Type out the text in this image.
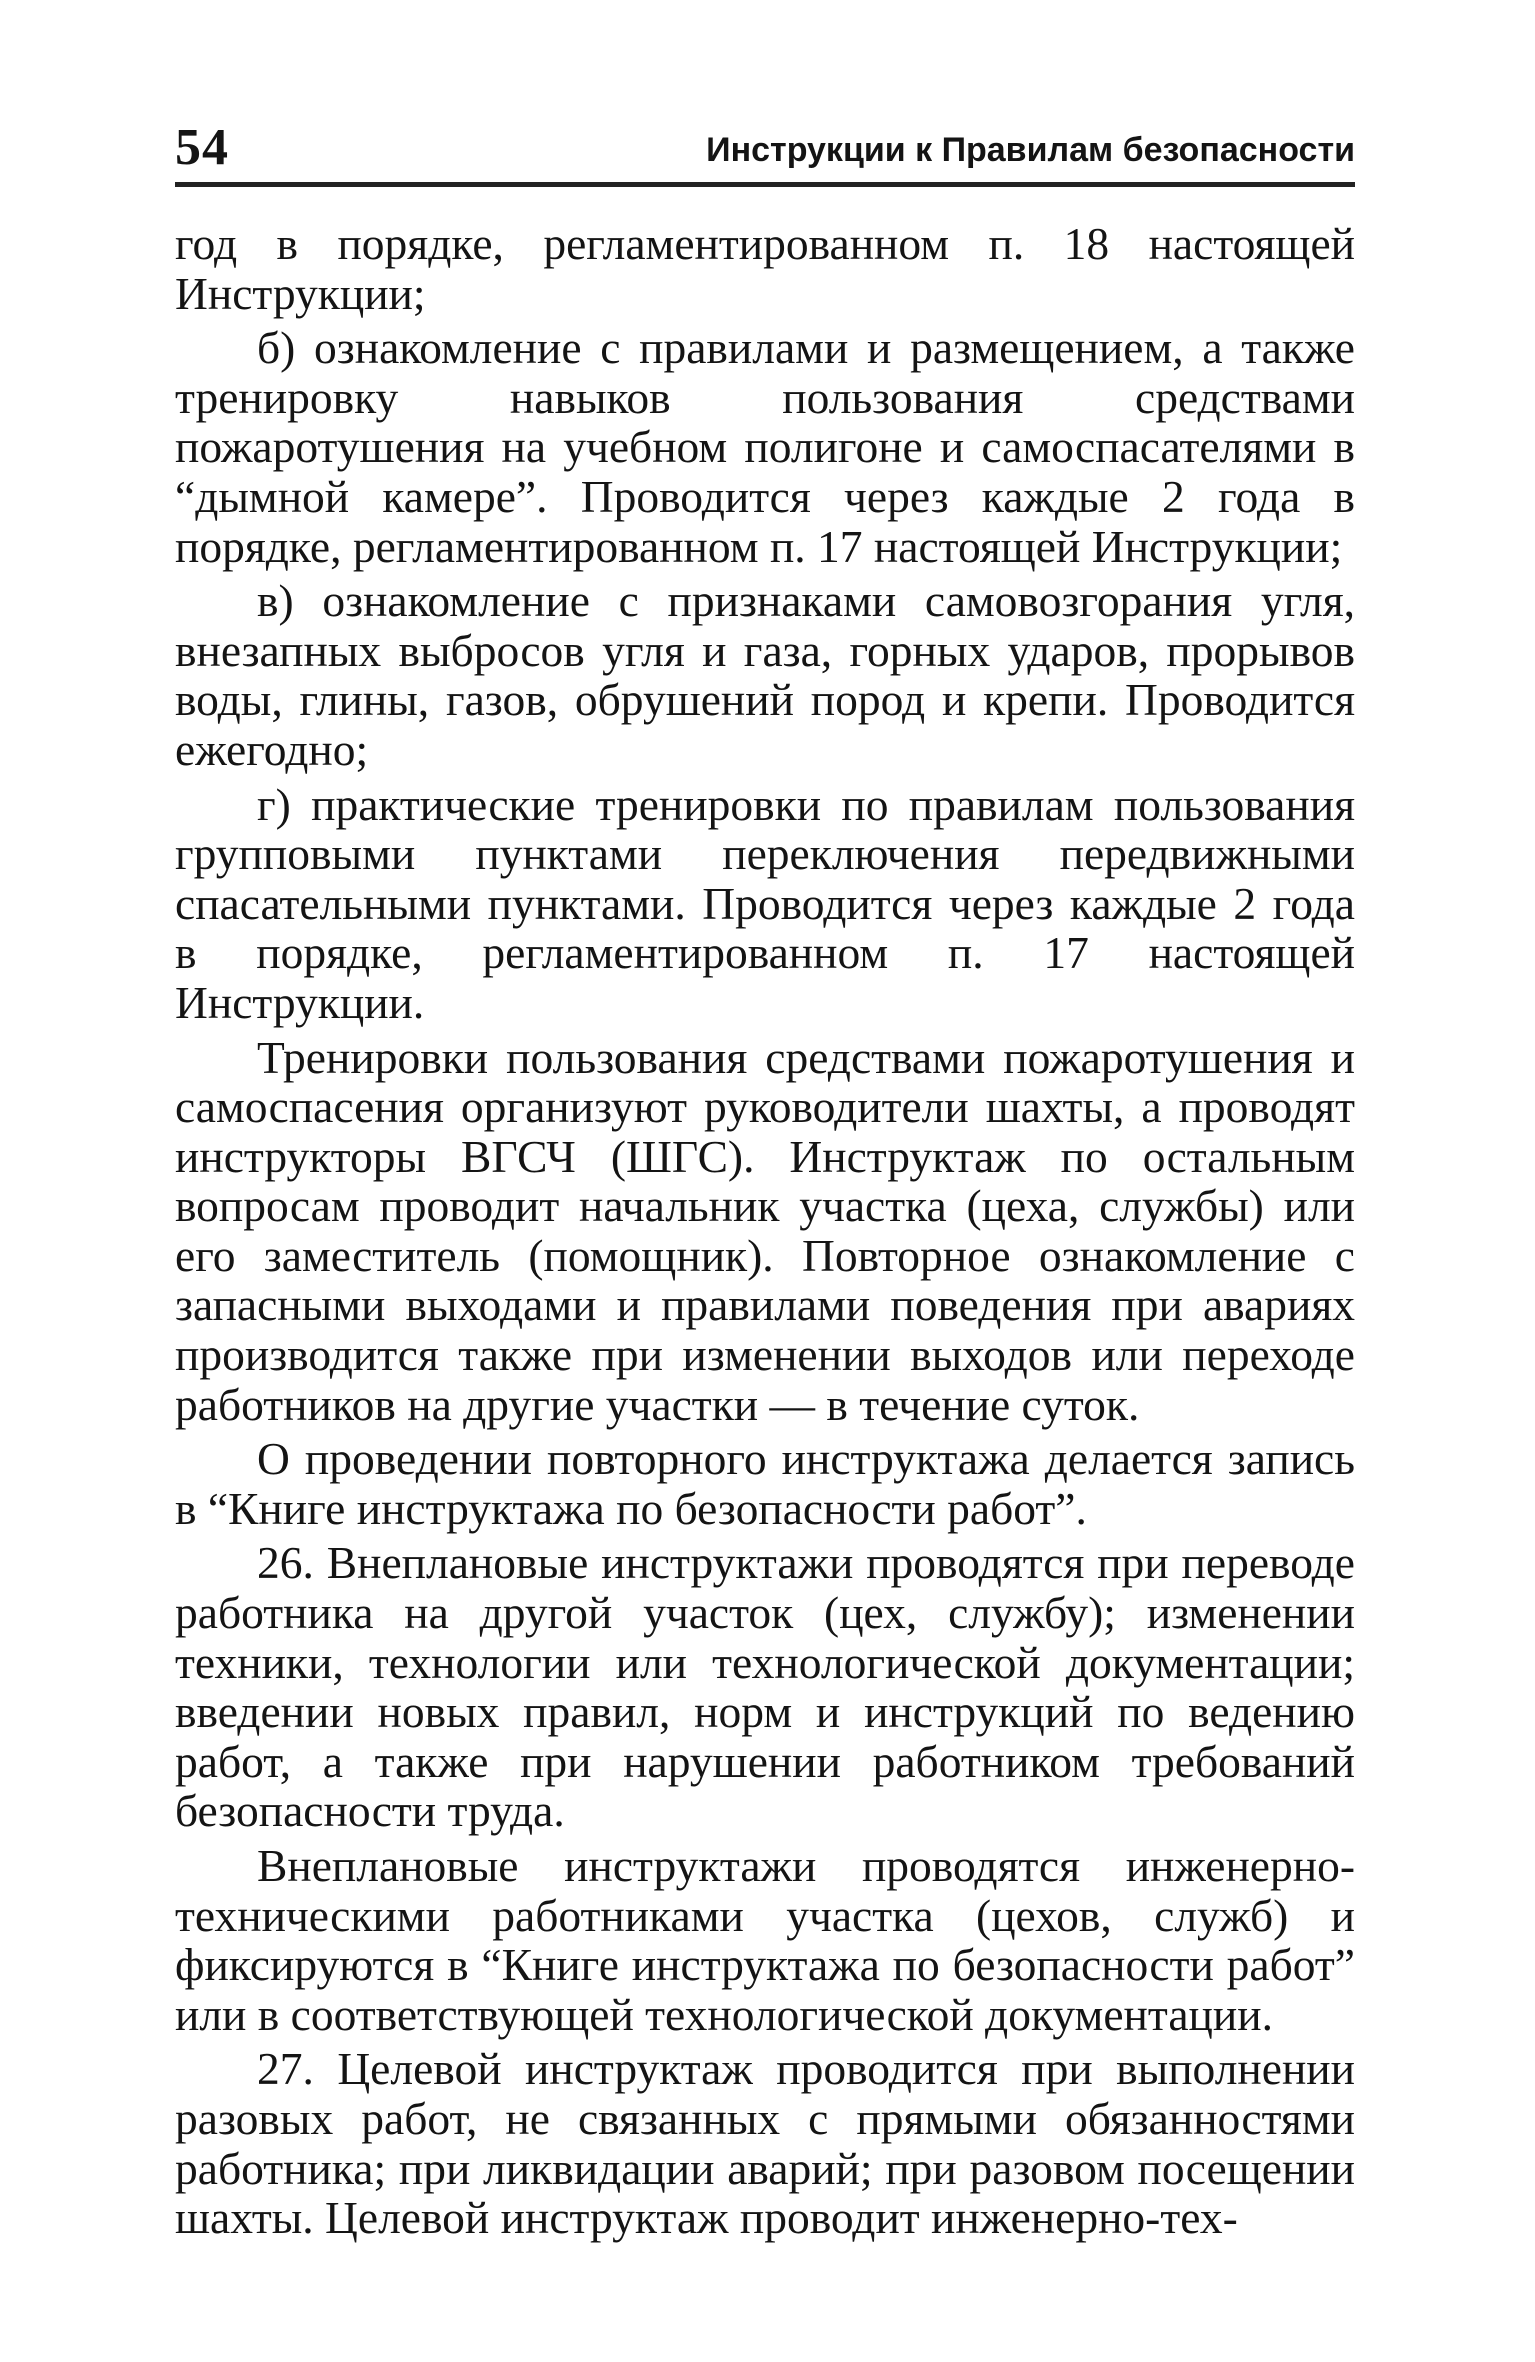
54	Инструкции к Правилам безопасности

год в порядке, регламентированном п. 18 настоящей Инструкции;

б) ознакомление с правилами и размещением, а также тренировку навыков пользования средствами пожаротушения на учебном полигоне и самоспасателями в “дымной камере”. Проводится через каждые 2 года в порядке, регламентированном п. 17 настоящей Инструкции;

в) ознакомление с признаками самовозгорания угля, внезапных выбросов угля и газа, горных ударов, прорывов воды, глины, газов, обрушений пород и крепи. Проводится ежегодно;

г) практические тренировки по правилам пользования групповыми пунктами переключения передвижными спасательными пунктами. Проводится через каждые 2 года в порядке, регламентированном п. 17 настоящей Инструкции.

Тренировки пользования средствами пожаротушения и самоспасения организуют руководители шахты, а проводят инструкторы ВГСЧ (ШГС). Инструктаж по остальным вопросам проводит начальник участка (цеха, службы) или его заместитель (помощник). Повторное ознакомление с запасными выходами и правилами поведения при авариях производится также при изменении выходов или переходе работников на другие участки — в течение суток.

О проведении повторного инструктажа делается запись в “Книге инструктажа по безопасности работ”.

26. Внеплановые инструктажи проводятся при переводе работника на другой участок (цех, службу); изменении техники, технологии или технологической документации; введении новых правил, норм и инструкций по ведению работ, а также при нарушении работником требований безопасности труда.

Внеплановые инструктажи проводятся инженерно-техническими работниками участка (цехов, служб) и фиксируются в “Книге инструктажа по безопасности работ” или в соответствующей технологической документации.

27. Целевой инструктаж проводится при выполнении разовых работ, не связанных с прямыми обязанностями работника; при ликвидации аварий; при разовом посещении шахты. Целевой инструктаж проводит инженерно-тех-
